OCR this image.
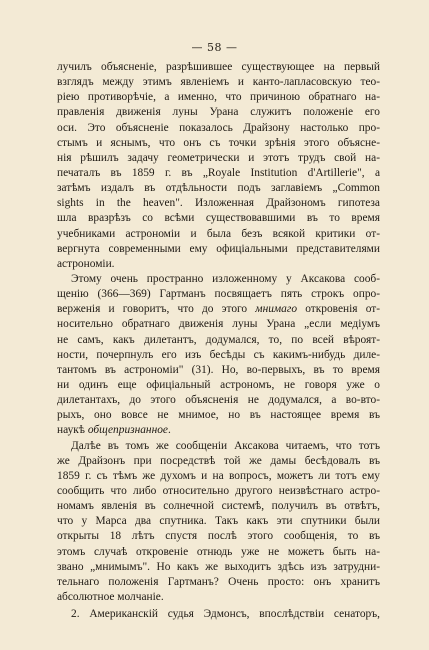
— 58 —
лучилъ объясненіе, разрѣшившее существующее на первый
взглядъ между этимъ явленіемъ и канто-лапласовскую тео-
ріею противорѣчіе, а именно, что причиною обратнаго на-
правленія движенія луны Урана служитъ положеніе его
оси. Это объясненіе показалось Драйзону настолько про-
стымъ и яснымъ, что онъ съ точки зрѣнія этого объясне-
нія рѣшилъ задачу геометрически и этотъ трудъ свой на-
печаталъ въ 1859 г. въ „Royale Institution d'Artillerie", а
затѣмъ издалъ въ отдѣльности подъ заглавіемъ „Common
sights in the heaven". Изложенная Драйзономъ гипотеза
шла вразрѣзъ со всѣми существовавшими въ то время
учебниками астрономіи и была безъ всякой критики от-
вергнута современными ему офиціальными представителями
астрономіи.
Этому очень пространно изложенному у Аксакова сооб-
щенію (366—369) Гартманъ посвящаетъ пять строкъ опро-
верженія и говоритъ, что до этого мнимаго откровенія от-
носительно обратнаго движенія луны Урана „если медіумъ
не самъ, какъ дилетантъ, додумался, то, по всей вѣроят-
ности, почерпнулъ его изъ бесѣды съ какимъ-нибудь диле-
тантомъ въ астрономіи" (31). Но, во-первыхъ, въ то время
ни одинъ еще офиціальный астрономъ, не говоря уже о
дилетантахъ, до этого объясненія не додумался, а во-вто-
рыхъ, оно вовсе не мнимое, но въ настоящее время въ
наукѣ общепризнанное.
Далѣе въ томъ же сообщеніи Аксакова читаемъ, что тотъ
же Драйзонъ при посредствѣ той же дамы бесѣдовалъ въ
1859 г. съ тѣмъ же духомъ и на вопросъ, можетъ ли тотъ ему
сообщить что либо относительно другого неизвѣстнаго астро-
номамъ явленія въ солнечной системѣ, получилъ въ отвѣтъ,
что у Марса два спутника. Такъ какъ эти спутники были
открыты 18 лѣтъ спустя послѣ этого сообщенія, то въ
этомъ случаѣ откровеніе отнюдь уже не можетъ быть на-
звано „мнимымъ". Но какъ же выходитъ здѣсь изъ затрудни-
тельнаго положенія Гартманъ? Очень просто: онъ хранитъ
абсолютное молчаніе.
2. Американскій судья Эдмонсъ, впослѣдствіи сенаторъ,
